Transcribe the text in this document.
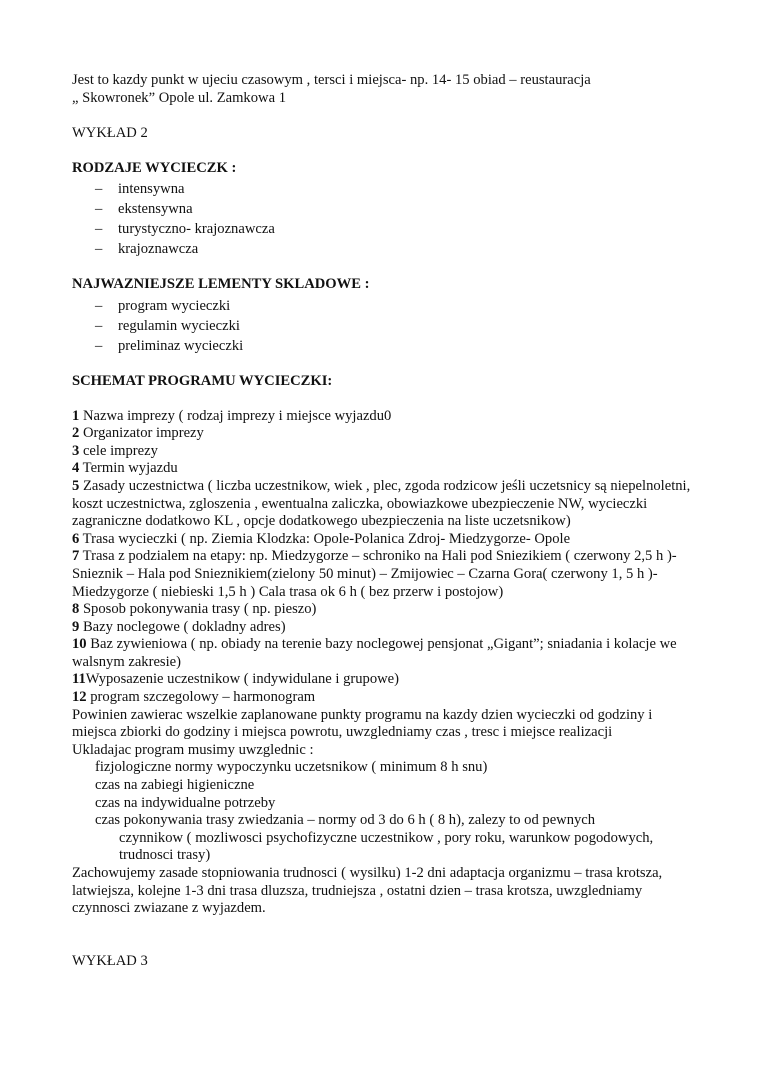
Jest to kazdy punkt w ujeciu czasowym , tersci i miejsca- np. 14- 15 obiad – reustauracja

„ Skowronek” Opole ul. Zamkowa 1

WYKŁAD 2

RODZAJE WYCIECZK :

– intensywna
– ekstensywna
– turystyczno- krajoznawcza
– krajoznawcza

NAJWAZNIEJSZE LEMENTY SKLADOWE :

– program wycieczki
– regulamin wycieczki
– preliminaz wycieczki

SCHEMAT PROGRAMU WYCIECZKI:

1 Nazwa imprezy ( rodzaj imprezy i miejsce wyjazdu0

2 Organizator imprezy

3 cele imprezy

4 Termin wyjazdu

5 Zasady uczestnictwa ( liczba uczestnikow, wiek , plec, zgoda rodzicow jeśli uczetsnicy są niepelnoletni, koszt uczestnictwa, zgloszenia , ewentualna zaliczka, obowiazkowe ubezpieczenie NW, wycieczki zagraniczne dodatkowo KL , opcje dodatkowego ubezpieczenia na liste uczetsnikow)

6 Trasa wycieczki ( np. Ziemia Klodzka: Opole-Polanica Zdroj- Miedzygorze- Opole

7 Trasa z podzialem na etapy: np. Miedzygorze – schroniko na Hali pod Sniezikiem ( czerwony 2,5 h )- Snieznik – Hala pod Snieznikiem(zielony 50 minut) – Zmijowiec – Czarna Gora( czerwony 1, 5 h )- Miedzygorze ( niebieski 1,5 h ) Cala trasa ok 6 h ( bez przerw i postojow)

8 Sposob pokonywania trasy ( np. pieszo)

9 Bazy noclegowe ( dokladny adres)

10 Baz zywieniowa ( np. obiady na terenie bazy noclegowej pensjonat „Gigant”; sniadania i kolacje we walsnym zakresie)

11Wyposazenie uczestnikow ( indywidulane i grupowe)

12 program szczegolowy – harmonogram

Powinien zawierac wszelkie zaplanowane punkty programu na kazdy dzien wycieczki od godziny i miejsca zbiorki do godziny i miejsca powrotu, uwzgledniamy czas , tresc i miejsce realizacji

Ukladajac program musimy uwzglednic :

fizjologiczne normy wypoczynku uczetsnikow ( minimum 8 h snu)

czas na zabiegi higieniczne

czas na indywidualne potrzeby

czas pokonywania trasy zwiedzania – normy od 3 do 6 h ( 8 h), zalezy to od pewnych

czynnikow ( mozliwosci psychofizyczne uczestnikow , pory roku, warunkow pogodowych, trudnosci trasy)

Zachowujemy zasade stopniowania trudnosci ( wysilku) 1-2 dni adaptacja organizmu – trasa krotsza, latwiejsza, kolejne 1-3 dni trasa dluzsza, trudniejsza , ostatni dzien – trasa krotsza, uwzgledniamy czynnosci zwiazane z wyjazdem.

WYKŁAD 3
